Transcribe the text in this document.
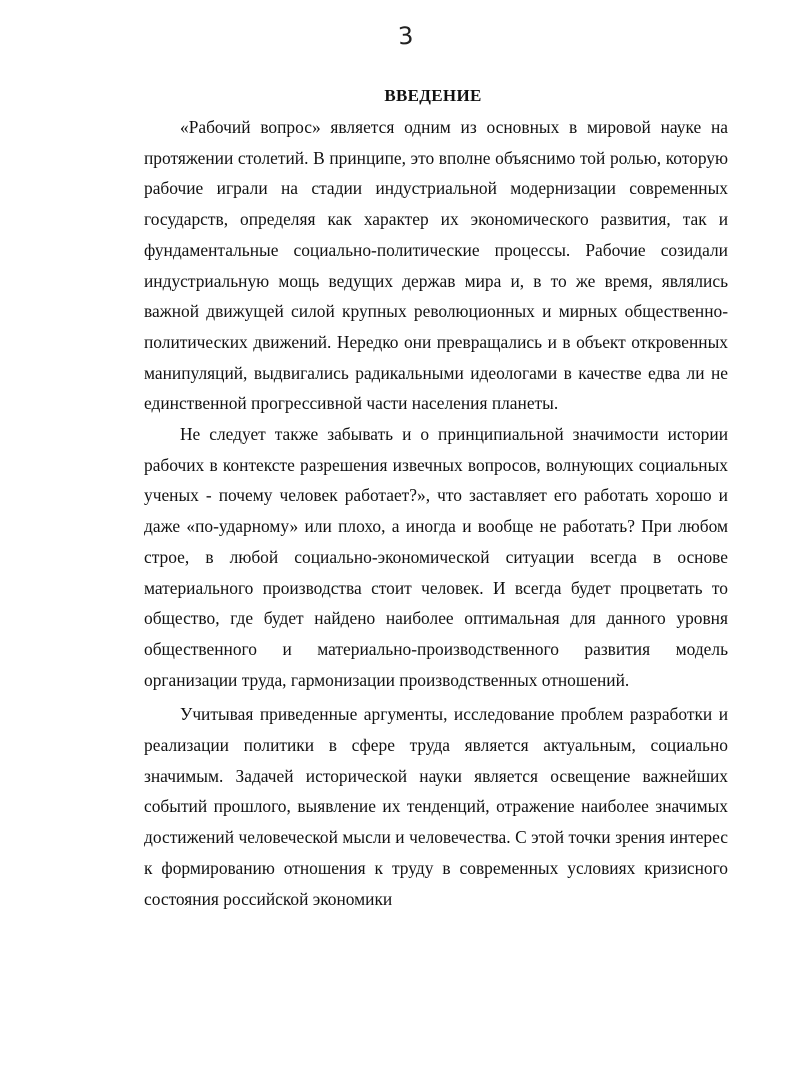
3
ВВЕДЕНИЕ

«Рабочий вопрос» является одним из основных в мировой науке на протяжении столетий. В принципе, это вполне объяснимо той ролью, которую рабочие играли на стадии индустриальной модернизации современных государств, определяя как характер их экономического развития, так и фундаментальные социально-политические процессы. Рабочие созидали индустриальную мощь ведущих держав мира и, в то же время, являлись важной движущей силой крупных революционных и мирных общественно-политических движений. Нередко они превращались и в объект откровенных манипуляций, выдвигались радикальными идеологами в качестве едва ли не единственной прогрессивной части населения планеты.

Не следует также забывать и о принципиальной значимости истории рабочих в контексте разрешения извечных вопросов, волнующих социальных ученых - почему человек работает?», что заставляет его работать хорошо и даже «по-ударному» или плохо, а иногда и вообще не работать? При любом строе, в любой социально-экономической ситуации всегда в основе материального производства стоит человек. И всегда будет процветать то общество, где будет найдено наиболее оптимальная для данного уровня общественного и материально-производственного развития модель организации труда, гармонизации производственных отношений.

Учитывая приведенные аргументы, исследование проблем разработки и реализации политики в сфере труда является актуальным, социально значимым. Задачей исторической науки является освещение важнейших событий прошлого, выявление их тенденций, отражение наиболее значимых достижений человеческой мысли и человечества. С этой точки зрения интерес к формированию отношения к труду в современных условиях кризисного состояния российской экономики
